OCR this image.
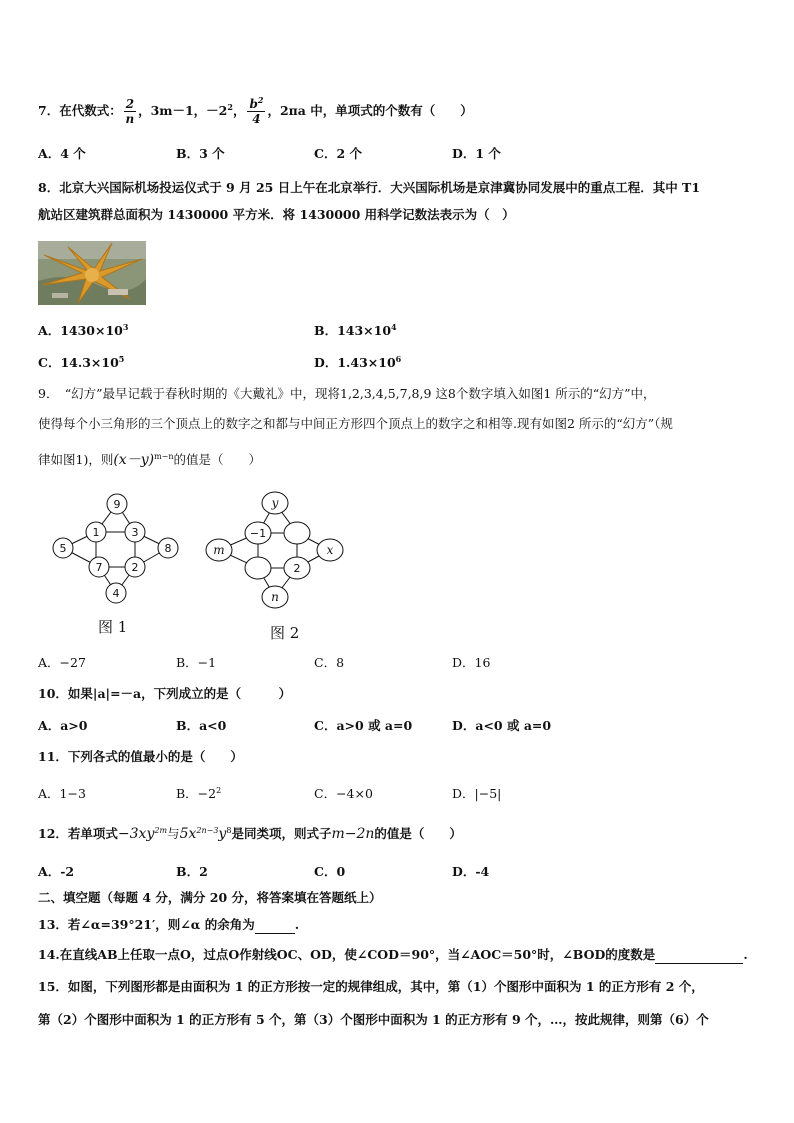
7．在代数式： $\frac{2}{n}$ ，3m－1，$-2^2$， $\frac{b^2}{4}$ ，2πa 中，单项式的个数有（　　）
A．4 个	B．3 个	C．2 个	D．1 个
8．北京大兴国际机场投运仪式于 9 月 25 日上午在北京举行．大兴国际机场是京津冀协同发展中的重点工程．其中 T1
航站区建筑群总面积为 1430000 平方米．将 1430000 用科学记数法表示为（　）
A．$1430\times 10^3$	B．$143\times 10^4$
C．$14.3\times 10^5$	D．$1.43\times 10^6$
9．　“幻方”最早记载于春秋时期的《大戴礼》中，现将1,2,3,4,5,7,8,9 这8个数字填入如图1 所示的“幻方”中，
使得每个小三角形的三个顶点上的数字之和都与中间正方形四个顶点上的数字之和相等.现有如图2 所示的“幻方”（规
律如图1)，则$(x-y)^{m-n}$的值是（　　）
9
5	8
4
1	3
7	2
图 1
y
m	x
n
−1
2
图 2
A．−27	B．−1	C．8	D．16
10．如果|a|=－a，下列成立的是（　　　）
A．a>0	B．a<0	C．a>0 或 a=0	D．a<0 或 a=0
11．下列各式的值最小的是（　　）
A．1−3	B．$-2^2$	C．−4×0	D．|−5|
12．若单项式$-3xy^{2m}$与$5x^{2n-3}y^8$是同类项，则式子m−2n的值是（　　）
A．-2	B．2	C．0	D．-4
二、填空题（每题 4 分，满分 20 分，将答案填在答题纸上）
13．若∠α=39°21′，则∠α 的余角为	.
14.在直线AB上任取一点O，过点O作射线OC、OD，使∠COD＝90°，当∠AOC＝50°时，∠BOD的度数是	.
15．如图，下列图形都是由面积为 1 的正方形按一定的规律组成，其中，第（1）个图形中面积为 1 的正方形有 2 个，
第（2）个图形中面积为 1 的正方形有 5 个，第（3）个图形中面积为 1 的正方形有 9 个，…，按此规律，则第（6）个
